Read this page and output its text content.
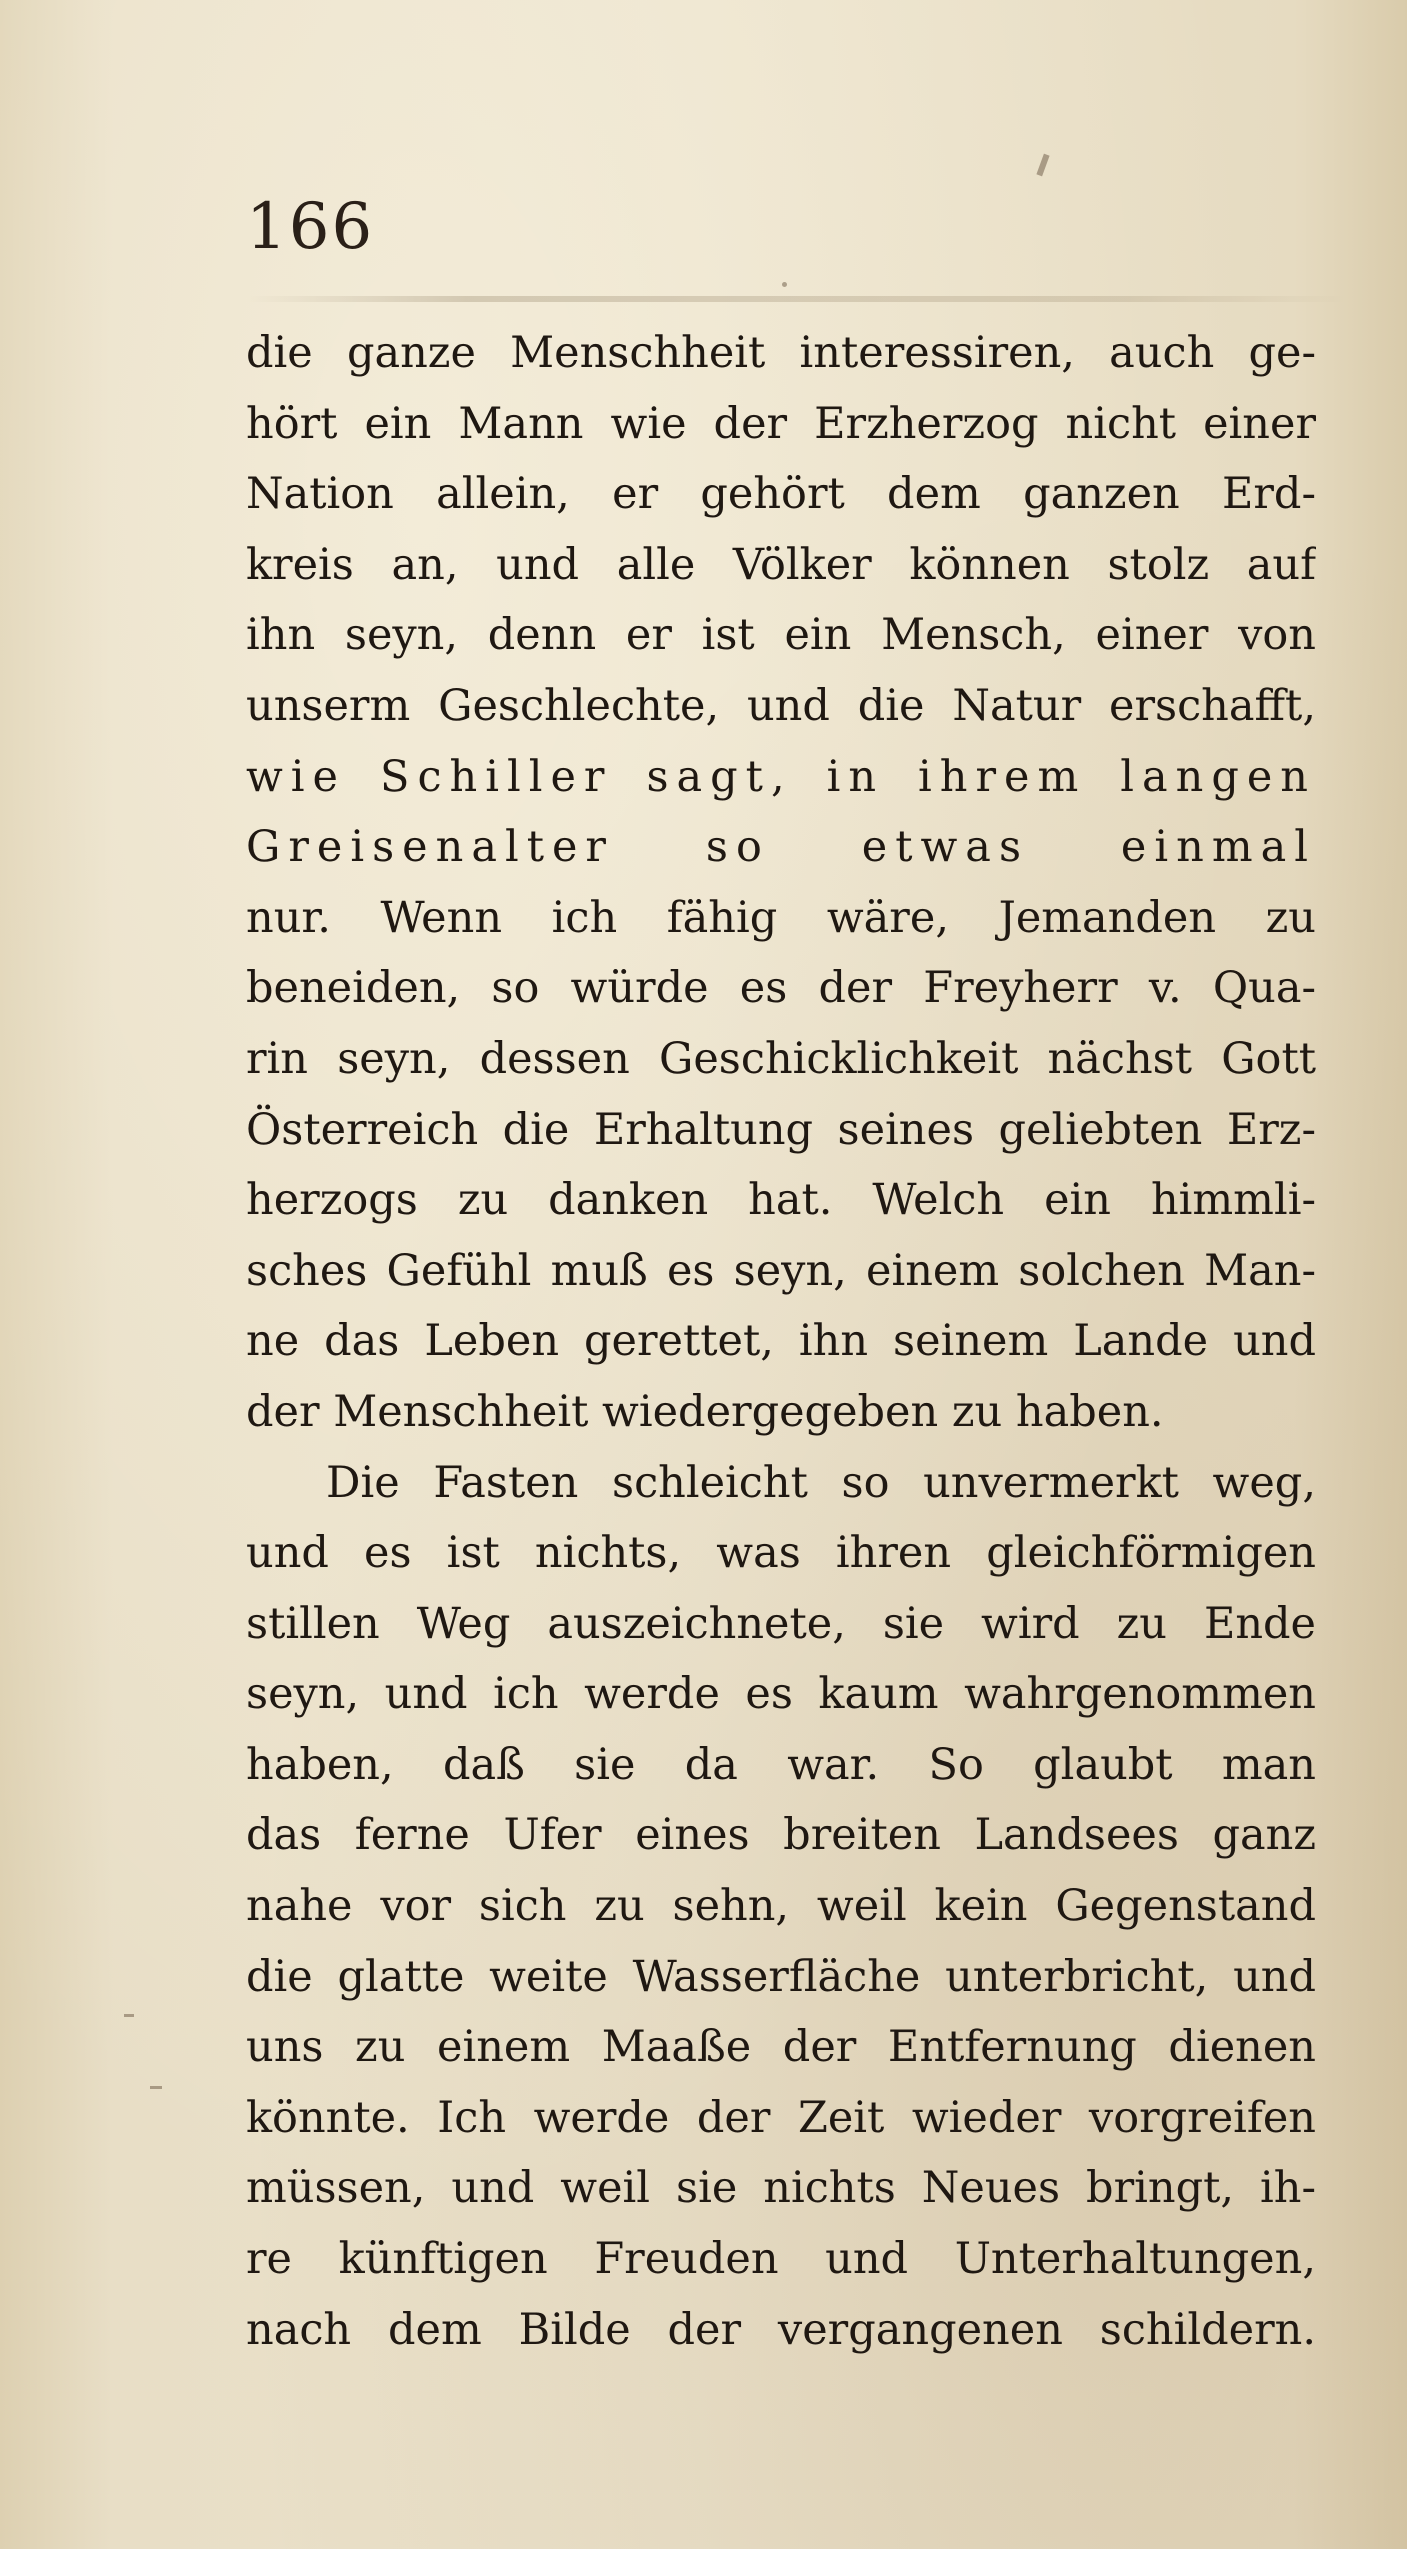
166
die ganze Menschheit interessiren, auch ge-
hört ein Mann wie der Erzherzog nicht einer
Nation allein, er gehört dem ganzen Erd-
kreis an, und alle Völker können stolz auf
ihn seyn, denn er ist ein Mensch, einer von
unserm Geschlechte, und die Natur erschafft,
wie Schiller sagt, in ihrem langen
Greisenalter so etwas einmal
nur. Wenn ich fähig wäre, Jemanden zu
beneiden, so würde es der Freyherr v. Qua-
rin seyn, dessen Geschicklichkeit nächst Gott
Österreich die Erhaltung seines geliebten Erz-
herzogs zu danken hat. Welch ein himmli-
sches Gefühl muß es seyn, einem solchen Man-
ne das Leben gerettet, ihn seinem Lande und
der Menschheit wiedergegeben zu haben.
Die Fasten schleicht so unvermerkt weg,
und es ist nichts, was ihren gleichförmigen
stillen Weg auszeichnete, sie wird zu Ende
seyn, und ich werde es kaum wahrgenommen
haben, daß sie da war. So glaubt man
das ferne Ufer eines breiten Landsees ganz
nahe vor sich zu sehn, weil kein Gegenstand
die glatte weite Wasserfläche unterbricht, und
uns zu einem Maaße der Entfernung dienen
könnte. Ich werde der Zeit wieder vorgreifen
müssen, und weil sie nichts Neues bringt, ih-
re künftigen Freuden und Unterhaltungen,
nach dem Bilde der vergangenen schildern.
